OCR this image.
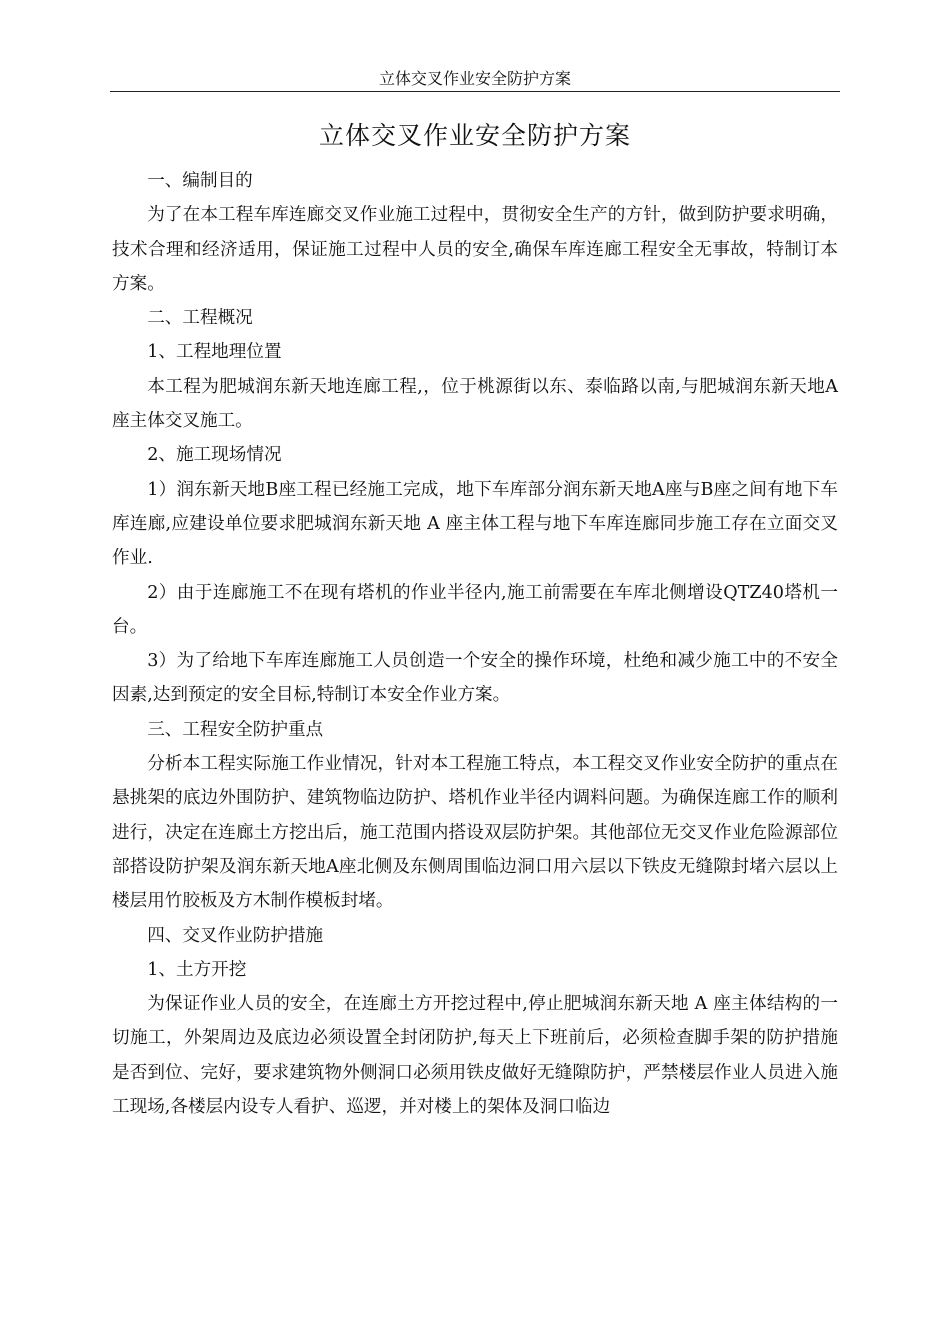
立体交叉作业安全防护方案
立体交叉作业安全防护方案

一、编制目的

为了在本工程车库连廊交叉作业施工过程中，贯彻安全生产的方针，做到防护要求明确，技术合理和经济适用，保证施工过程中人员的安全,确保车库连廊工程安全无事故，特制订本方案。

二、工程概况

1、工程地理位置

本工程为肥城润东新天地连廊工程,，位于桃源街以东、泰临路以南,与肥城润东新天地A座主体交叉施工。

2、施工现场情况

1）润东新天地B座工程已经施工完成，地下车库部分润东新天地A座与B座之间有地下车库连廊,应建设单位要求肥城润东新天地 A 座主体工程与地下车库连廊同步施工存在立面交叉作业.

2）由于连廊施工不在现有塔机的作业半径内,施工前需要在车库北侧增设QTZ40塔机一台。

3）为了给地下车库连廊施工人员创造一个安全的操作环境，杜绝和减少施工中的不安全因素,达到预定的安全目标,特制订本安全作业方案。

三、工程安全防护重点

分析本工程实际施工作业情况，针对本工程施工特点，本工程交叉作业安全防护的重点在悬挑架的底边外围防护、建筑物临边防护、塔机作业半径内调料问题。为确保连廊工作的顺利进行，决定在连廊土方挖出后，施工范围内搭设双层防护架。其他部位无交叉作业危险源部位部搭设防护架及润东新天地A座北侧及东侧周围临边洞口用六层以下铁皮无缝隙封堵六层以上楼层用竹胶板及方木制作模板封堵。

四、交叉作业防护措施

1、土方开挖

为保证作业人员的安全，在连廊土方开挖过程中,停止肥城润东新天地 A 座主体结构的一切施工，外架周边及底边必须设置全封闭防护,每天上下班前后，必须检查脚手架的防护措施是否到位、完好，要求建筑物外侧洞口必须用铁皮做好无缝隙防护，严禁楼层作业人员进入施工现场,各楼层内设专人看护、巡逻，并对楼上的架体及洞口临边
